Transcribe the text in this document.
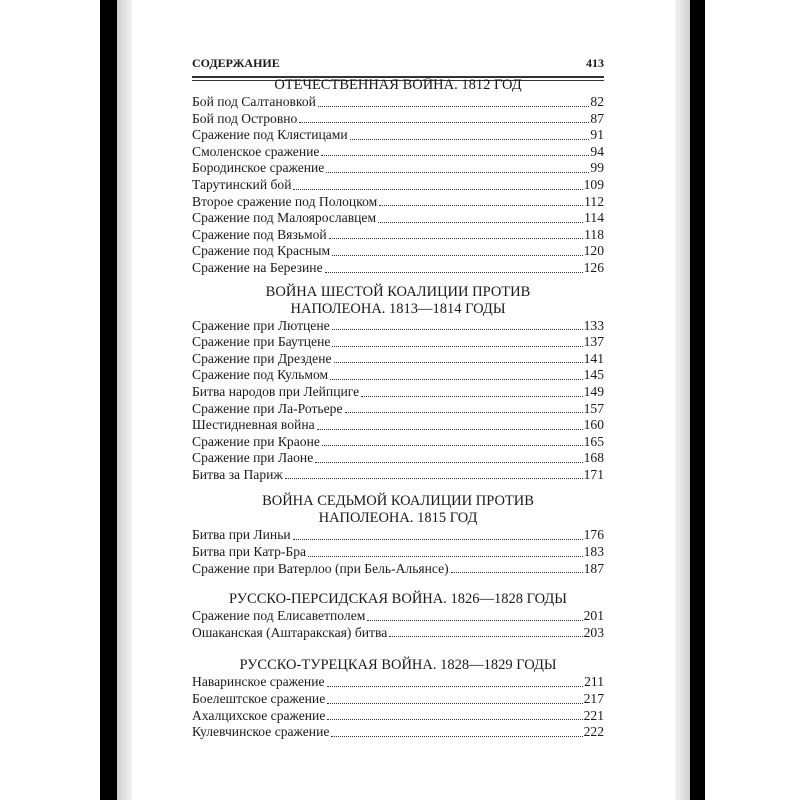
СОДЕРЖАНИЕ	413
ОТЕЧЕСТВЕННАЯ ВОЙНА. 1812 ГОД
Бой под Салтановкой	82
Бой под Островно	87
Сражение под Клястицами	91
Смоленское сражение	94
Бородинское сражение	99
Тарутинский бой	109
Второе сражение под Полоцком	112
Сражение под Малоярославцем	114
Сражение под Вязьмой	118
Сражение под Красным	120
Сражение на Березине	126
ВОЙНА ШЕСТОЙ КОАЛИЦИИ ПРОТИВ
НАПОЛЕОНА. 1813—1814 ГОДЫ
Сражение при Лютцене	133
Сражение при Баутцене	137
Сражение при Дрездене	141
Сражение под Кульмом	145
Битва народов при Лейпциге	149
Сражение при Ла-Ротьере	157
Шестидневная война	160
Сражение при Краоне	165
Сражение при Лаоне	168
Битва за Париж	171
ВОЙНА СЕДЬМОЙ КОАЛИЦИИ ПРОТИВ
НАПОЛЕОНА. 1815 ГОД
Битва при Линьи	176
Битва при Катр-Бра	183
Сражение при Ватерлоо (при Бель-Альянсе)	187
РУССКО-ПЕРСИДСКАЯ ВОЙНА. 1826—1828 ГОДЫ
Сражение под Елисаветполем	201
Ошаканская (Аштаракская) битва	203
РУССКО-ТУРЕЦКАЯ ВОЙНА. 1828—1829 ГОДЫ
Наваринское сражение	211
Боелештское сражение	217
Ахалцихское сражение	221
Кулевчинское сражение	222
